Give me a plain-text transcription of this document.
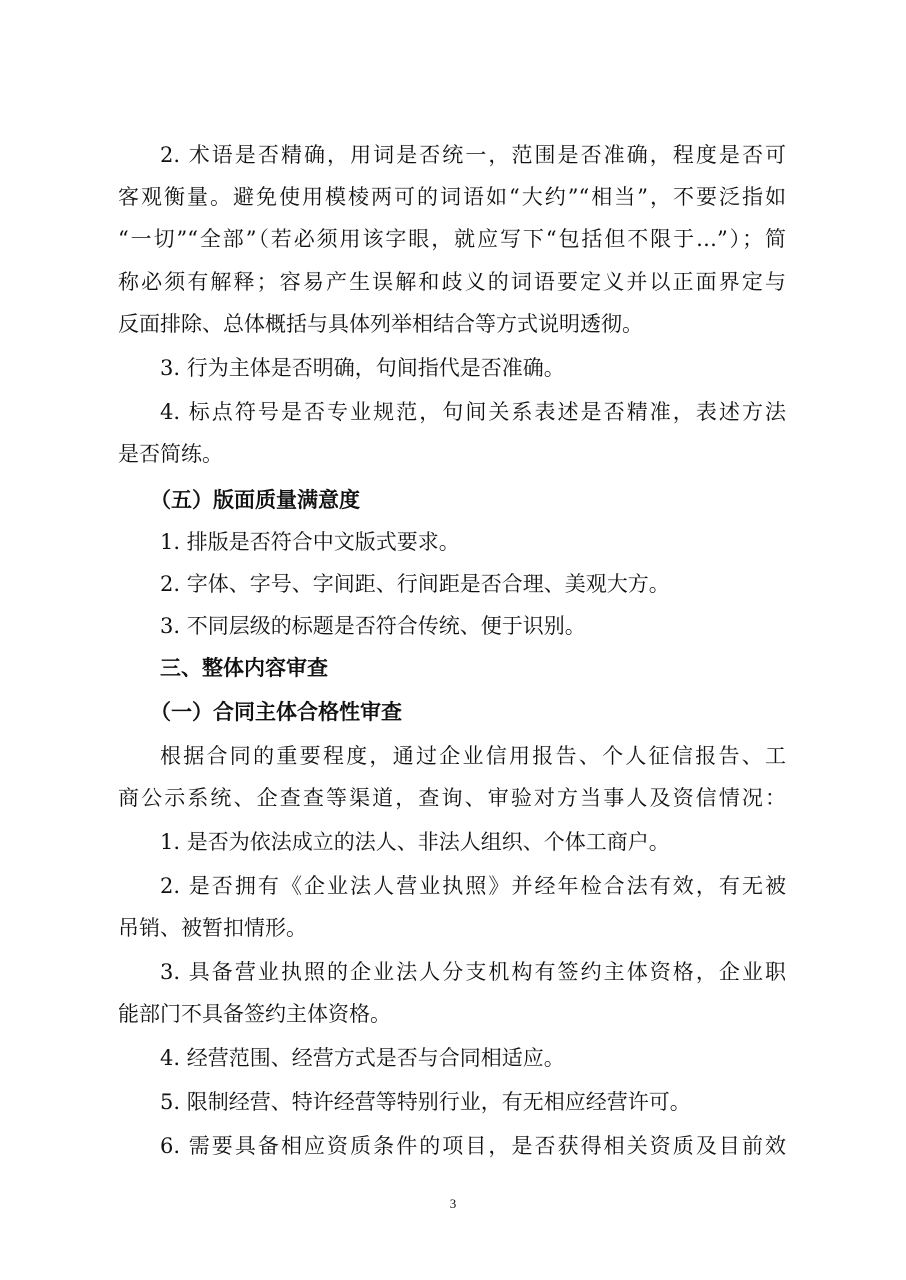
2. 术语是否精确，用词是否统一，范围是否准确，程度是否可

客观衡量。避免使用模棱两可的词语如“大约”“相当”，不要泛指如

“一切”“全部”（若必须用该字眼，就应写下“包括但不限于…”）；简

称必须有解释；容易产生误解和歧义的词语要定义并以正面界定与

反面排除、总体概括与具体列举相结合等方式说明透彻。

3. 行为主体是否明确，句间指代是否准确。

4. 标点符号是否专业规范，句间关系表述是否精准，表述方法

是否简练。

（五）版面质量满意度

1. 排版是否符合中文版式要求。

2. 字体、字号、字间距、行间距是否合理、美观大方。

3. 不同层级的标题是否符合传统、便于识别。

三、整体内容审查
（一）合同主体合格性审查

根据合同的重要程度，通过企业信用报告、个人征信报告、工

商公示系统、企查查等渠道，查询、审验对方当事人及资信情况：

1. 是否为依法成立的法人、非法人组织、个体工商户。

2. 是否拥有《企业法人营业执照》并经年检合法有效，有无被

吊销、被暂扣情形。

3. 具备营业执照的企业法人分支机构有签约主体资格，企业职

能部门不具备签约主体资格。

4. 经营范围、经营方式是否与合同相适应。

5. 限制经营、特许经营等特别行业，有无相应经营许可。

6. 需要具备相应资质条件的项目，是否获得相关资质及目前效

3
